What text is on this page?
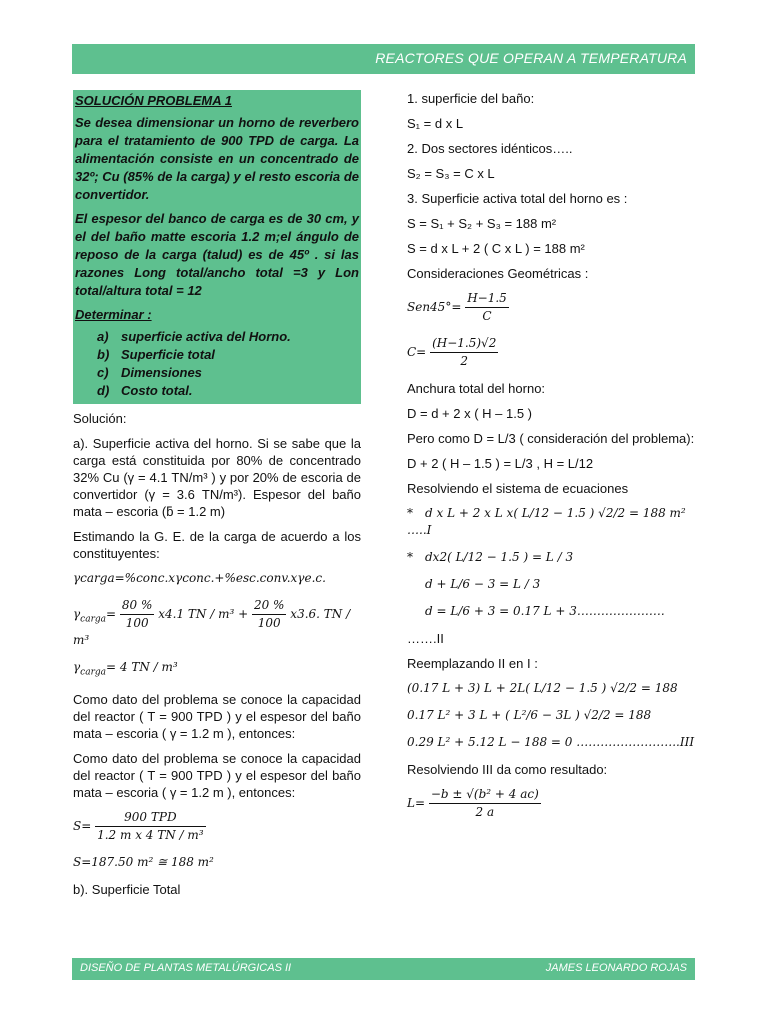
REACTORES QUE OPERAN A TEMPERATURA

SOLUCIÓN PROBLEMA 1

Se desea dimensionar un horno de reverbero para el tratamiento de 900 TPD de carga. La alimentación consiste en un concentrado de 32º; Cu (85% de la carga) y el resto escoria de convertidor.

El espesor del banco de carga es de 30 cm, y el del baño matte escoria 1.2 m;el ángulo de reposo de la carga (talud) es de 45º . si las razones Long total/ancho total =3 y Lon total/altura total = 12

Determinar :

a) superficie activa del Horno.
b) Superficie total
c) Dimensiones
d) Costo total.

Solución:

a). Superficie activa del horno. Si se sabe que la carga está constituida por 80% de concentrado 32% Cu (γ = 4.1 TN/m³ ) y por 20% de escoria de convertidor (γ = 3.6 TN/m³). Espesor del baño mata – escoria (ƃ = 1.2 m)

Estimando la G. E. de la carga de acuerdo a los constituyentes:

γcarga=%conc.xγconc.+%esc.conv.xγe.c.
$\gamma_{carga}= \frac{80 \%}{100} x4.1$ TN / $m^3 + \frac{20 \%}{100} x3.6$. TN / m³
$\gamma_{carga}= 4$ TN / m³

Como dato del problema se conoce la capacidad del reactor ( T = 900 TPD ) y el espesor del baño mata – escoria ( γ = 1.2 m ), entonces:

Como dato del problema se conoce la capacidad del reactor ( T = 900 TPD ) y el espesor del baño mata – escoria ( γ = 1.2 m ), entonces:

$S= \frac{\text{900 TPD}}{\text{1.2 m x 4 TN / m³}}$
S=187.50 m² ≅ 188 m²

b). Superficie Total

1. superficie del baño:

S₁ = d x L

2. Dos sectores idénticos…..

S₂ = S₃ = C x L

3. Superficie activa total del horno es :

S = S₁ + S₂ + S₃ = 188 m²

S = d x L + 2 ( C x L ) = 188 m²

Consideraciones Geométricas :

$Sen45^\circ= \frac{H-1.5}{C}$
$C= \frac{(H-1.5)√2}{2}$

Anchura total del horno:

D = d + 2 x ( H – 1.5 )

Pero como D = L/3 ( consideración del problema):

D + 2 ( H – 1.5 ) = L/3 , H = L/12

Resolviendo el sistema de ecuaciones

* d x L + 2 x L x( L/12 − 1.5 ) √2/2 = 188 m² …..I
* dx2( L/12 − 1.5 ) = L / 3
d + L/6 − 3 = L / 3
d = L/6 + 3 = 0.17 L + 3………………….

…….II

Reemplazando II en I :

(0.17 L + 3) L + 2L( L/12 − 1.5 ) √2/2 = 188
0.17 L² + 3 L + ( L²/6 − 3L ) √2/2 = 188
0.29 L² + 5.12 L − 188 = 0 ……………………..III

Resolviendo III da como resultado:

$L= \frac{\text{−b ± √(b² + 4 ac)}}{2 a}$
DISEÑO DE PLANTAS METALÚRGICAS II	JAMES LEONARDO ROJAS
